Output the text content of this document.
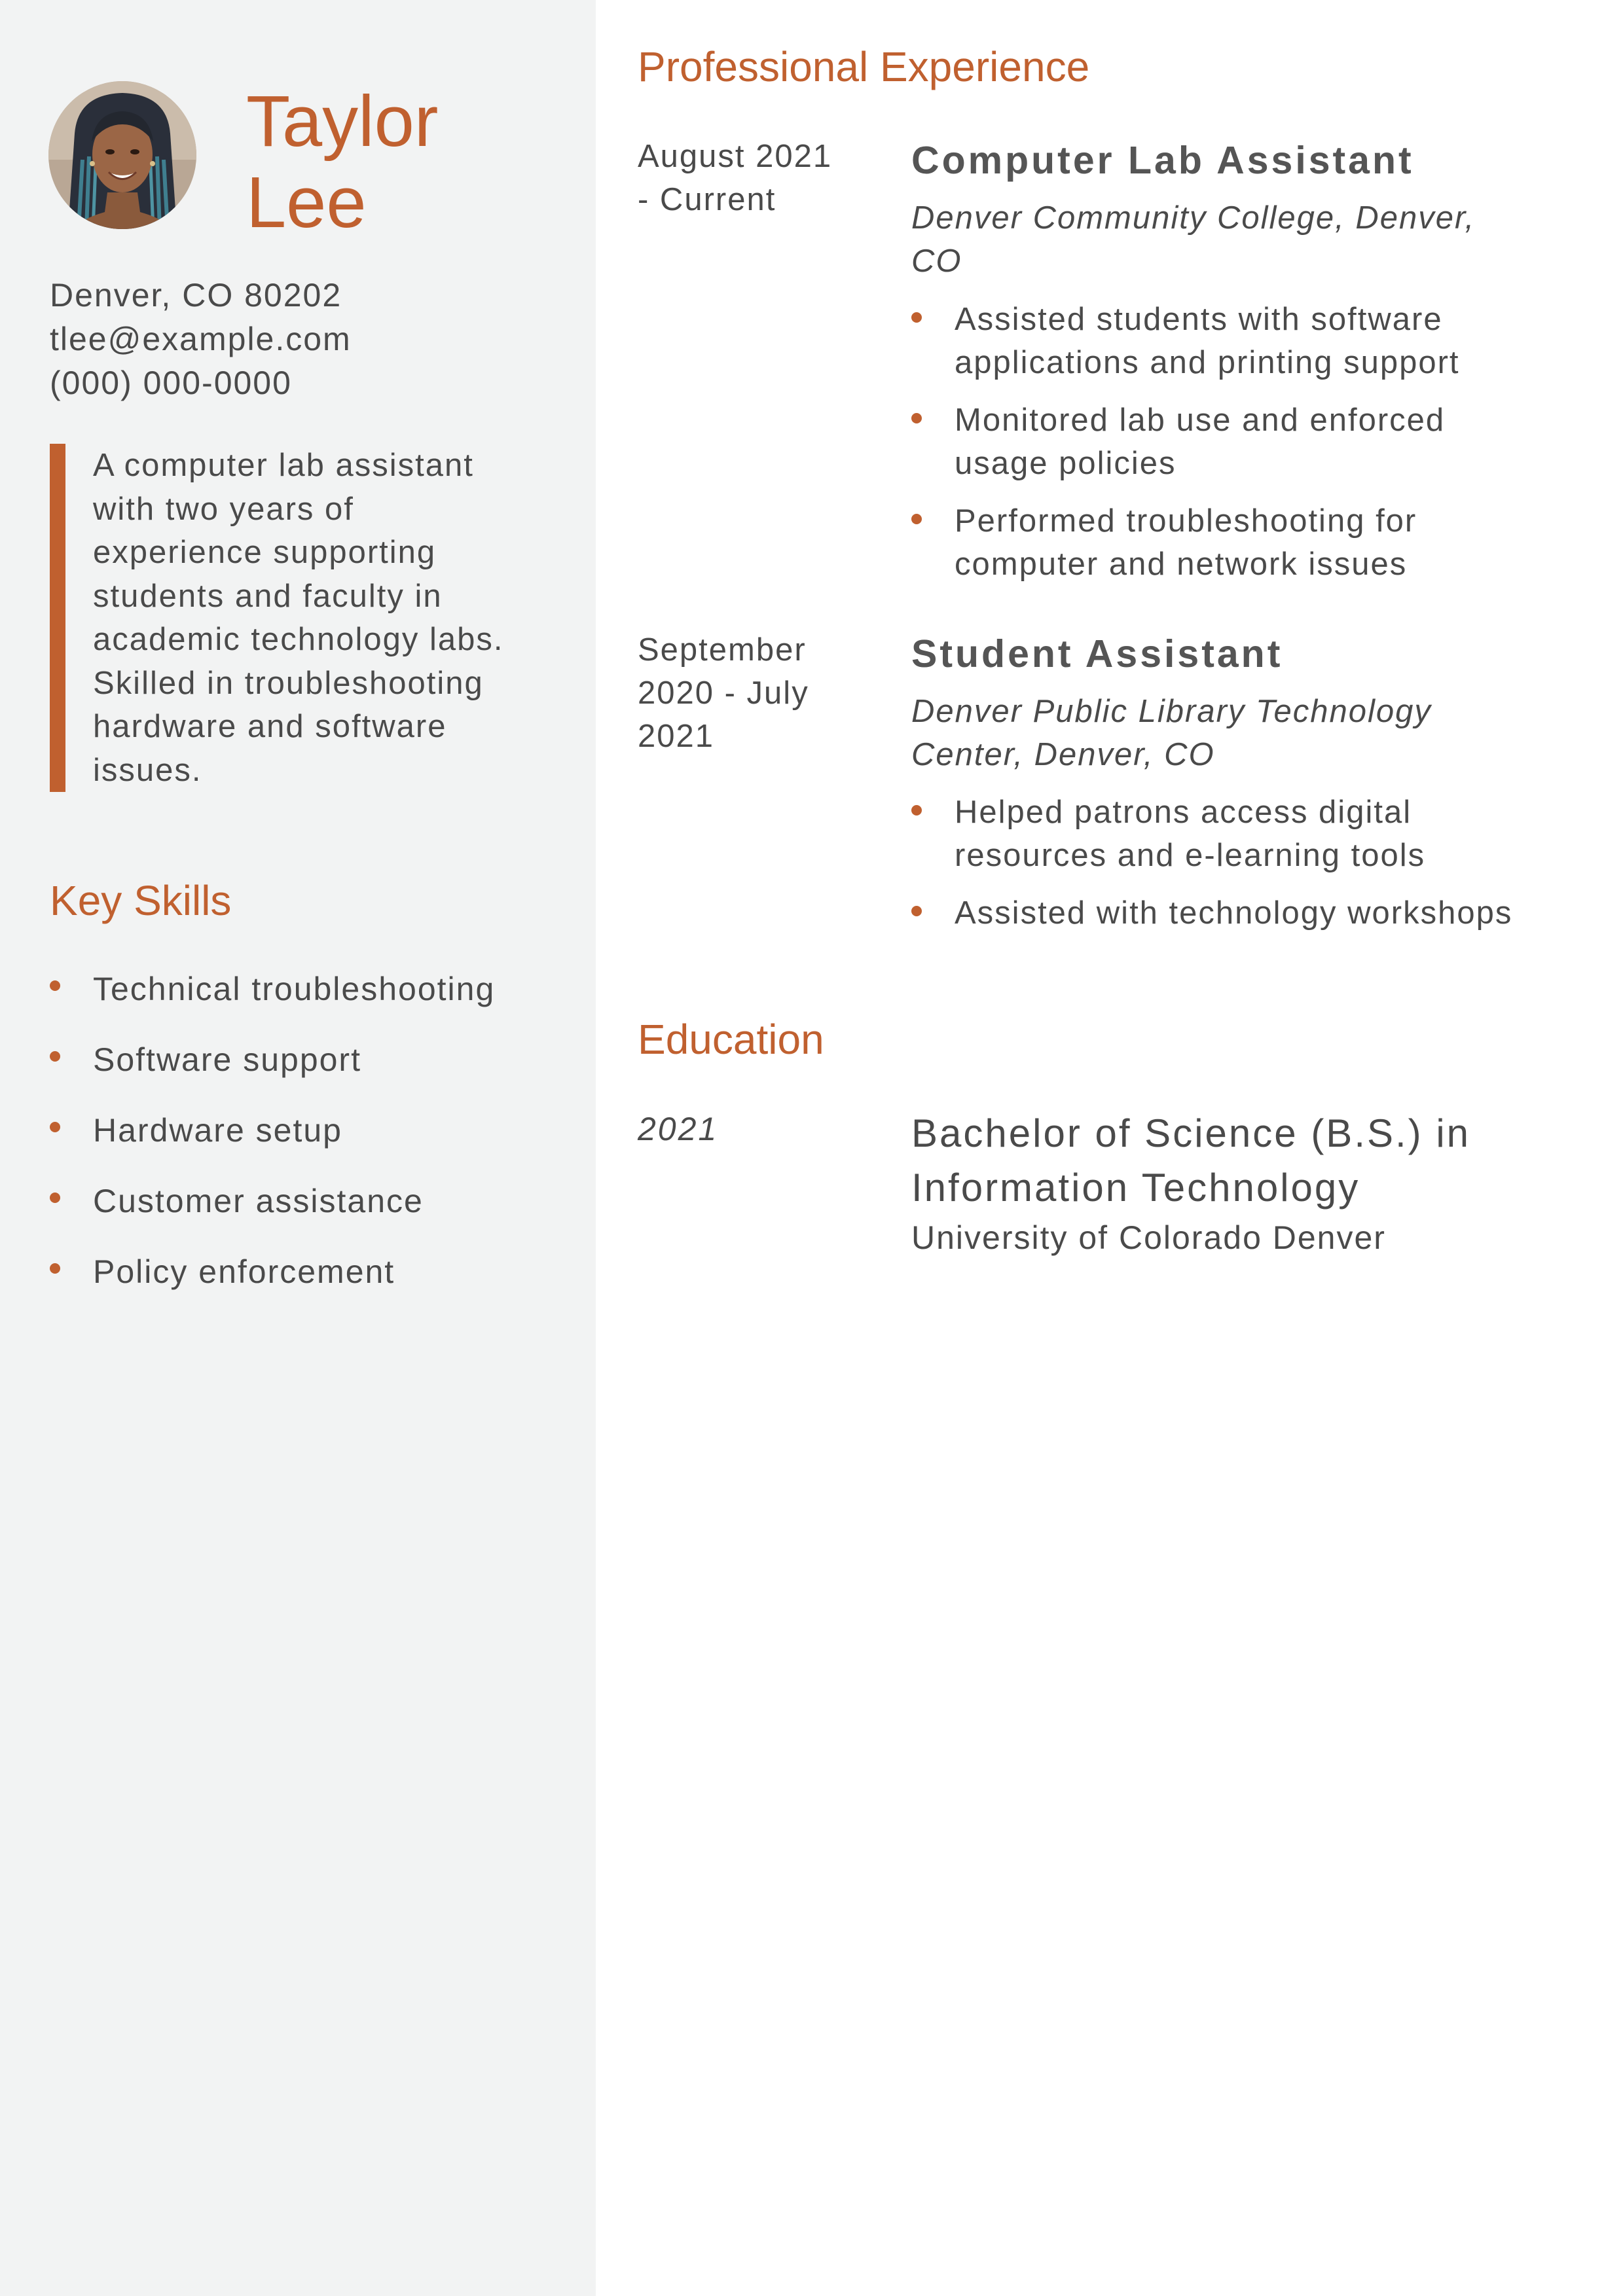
Taylor
Lee
Denver, CO 80202
tlee@example.com
(000) 000-0000
A computer lab assistant
with two years of
experience supporting
students and faculty in
academic technology labs.
Skilled in troubleshooting
hardware and software
issues.
Key Skills
Technical troubleshooting
Software support
Hardware setup
Customer assistance
Policy enforcement
Professional Experience
August 2021
- Current
Computer Lab Assistant
Denver Community College, Denver,
CO
Assisted students with software
applications and printing support
Monitored lab use and enforced
usage policies
Performed troubleshooting for
computer and network issues
September
2020 - July
2021
Student Assistant
Denver Public Library Technology
Center, Denver, CO
Helped patrons access digital
resources and e-learning tools
Assisted with technology workshops
Education
2021	Bachelor of Science (B.S.) in
Information Technology
University of Colorado Denver
